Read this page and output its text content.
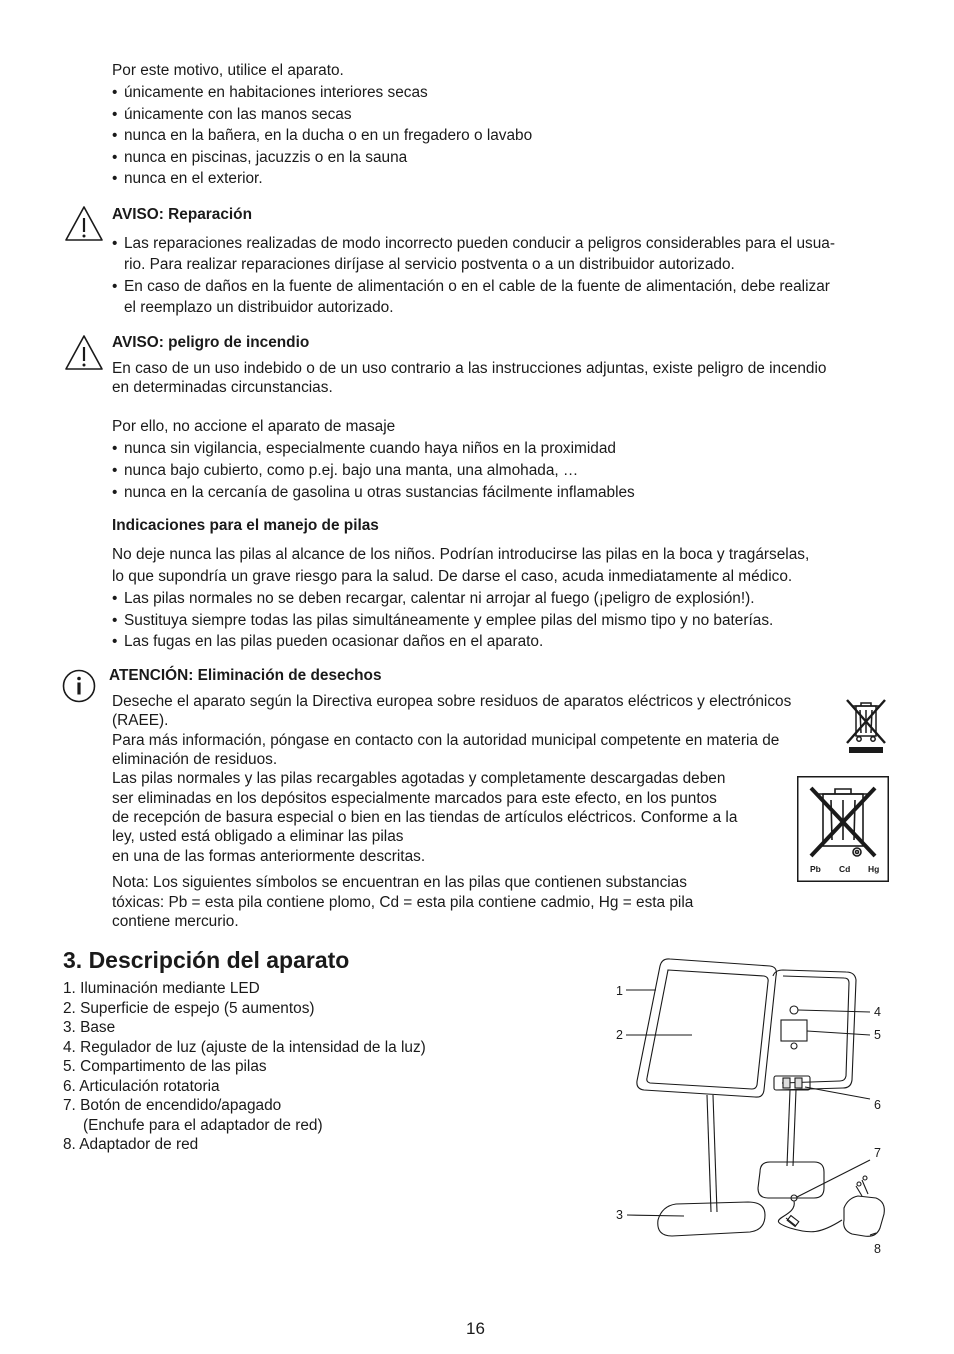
Por este motivo, utilice el aparato.

• únicamente en habitaciones interiores secas
• únicamente con las manos secas
• nunca en la bañera, en la ducha o en un fregadero o lavabo
• nunca en piscinas, jacuzzis o en la sauna
• nunca en el exterior.

AVISO: Reparación

• Las reparaciones realizadas de modo incorrecto pueden conducir a peligros considerables para el usua-
rio. Para realizar reparaciones diríjase al servicio postventa o a un distribuidor autorizado.
• En caso de daños en la fuente de alimentación o en el cable de la fuente de alimentación, debe realizar
el reemplazo un distribuidor autorizado.

AVISO: peligro de incendio

En caso de un uso indebido o de un uso contrario a las instrucciones adjuntas, existe peligro de incendio

en determinadas circunstancias.

Por ello, no accione el aparato de masaje

• nunca sin vigilancia, especialmente cuando haya niños en la proximidad
• nunca bajo cubierto, como p.ej. bajo una manta, una almohada, …
• nunca en la cercanía de gasolina u otras sustancias fácilmente inflamables

Indicaciones para el manejo de pilas

No deje nunca las pilas al alcance de los niños. Podrían introducirse las pilas en la boca y tragárselas,

lo que supondría un grave riesgo para la salud. De darse el caso, acuda inmediatamente al médico.

• Las pilas normales no se deben recargar, calentar ni arrojar al fuego (¡peligro de explosión!).
• Sustituya siempre todas las pilas simultáneamente y emplee pilas del mismo tipo y no baterías.
• Las fugas en las pilas pueden ocasionar daños en el aparato.

ATENCIÓN: Eliminación de desechos

Deseche el aparato según la Directiva europea sobre residuos de aparatos eléctricos y electrónicos

(RAEE).

Para más información, póngase en contacto con la autoridad municipal competente en materia de

eliminación de residuos.

Las pilas normales y las pilas recargables agotadas y completamente descargadas deben

ser eliminadas en los depósitos especialmente marcados para este efecto, en los puntos

de recepción de basura especial o bien en las tiendas de artículos eléctricos. Conforme a la

ley, usted está obligado a eliminar las pilas

en una de las formas anteriormente descritas.

Nota: Los siguientes símbolos se encuentran en las pilas que contienen substancias

tóxicas: Pb = esta pila contiene plomo, Cd = esta pila contiene cadmio, Hg = esta pila

contiene mercurio.

Pb Cd Hg
3. Descripción del aparato

1. Iluminación mediante LED

2. Superficie de espejo (5 aumentos)

3. Base

4. Regulador de luz (ajuste de la intensidad de la luz)

5. Compartimento de las pilas

6. Articulación rotatoria

7. Botón de encendido/apagado

(Enchufe para el adaptador de red)

8. Adaptador de red

1
2
3
4
5
6
7
8

16
